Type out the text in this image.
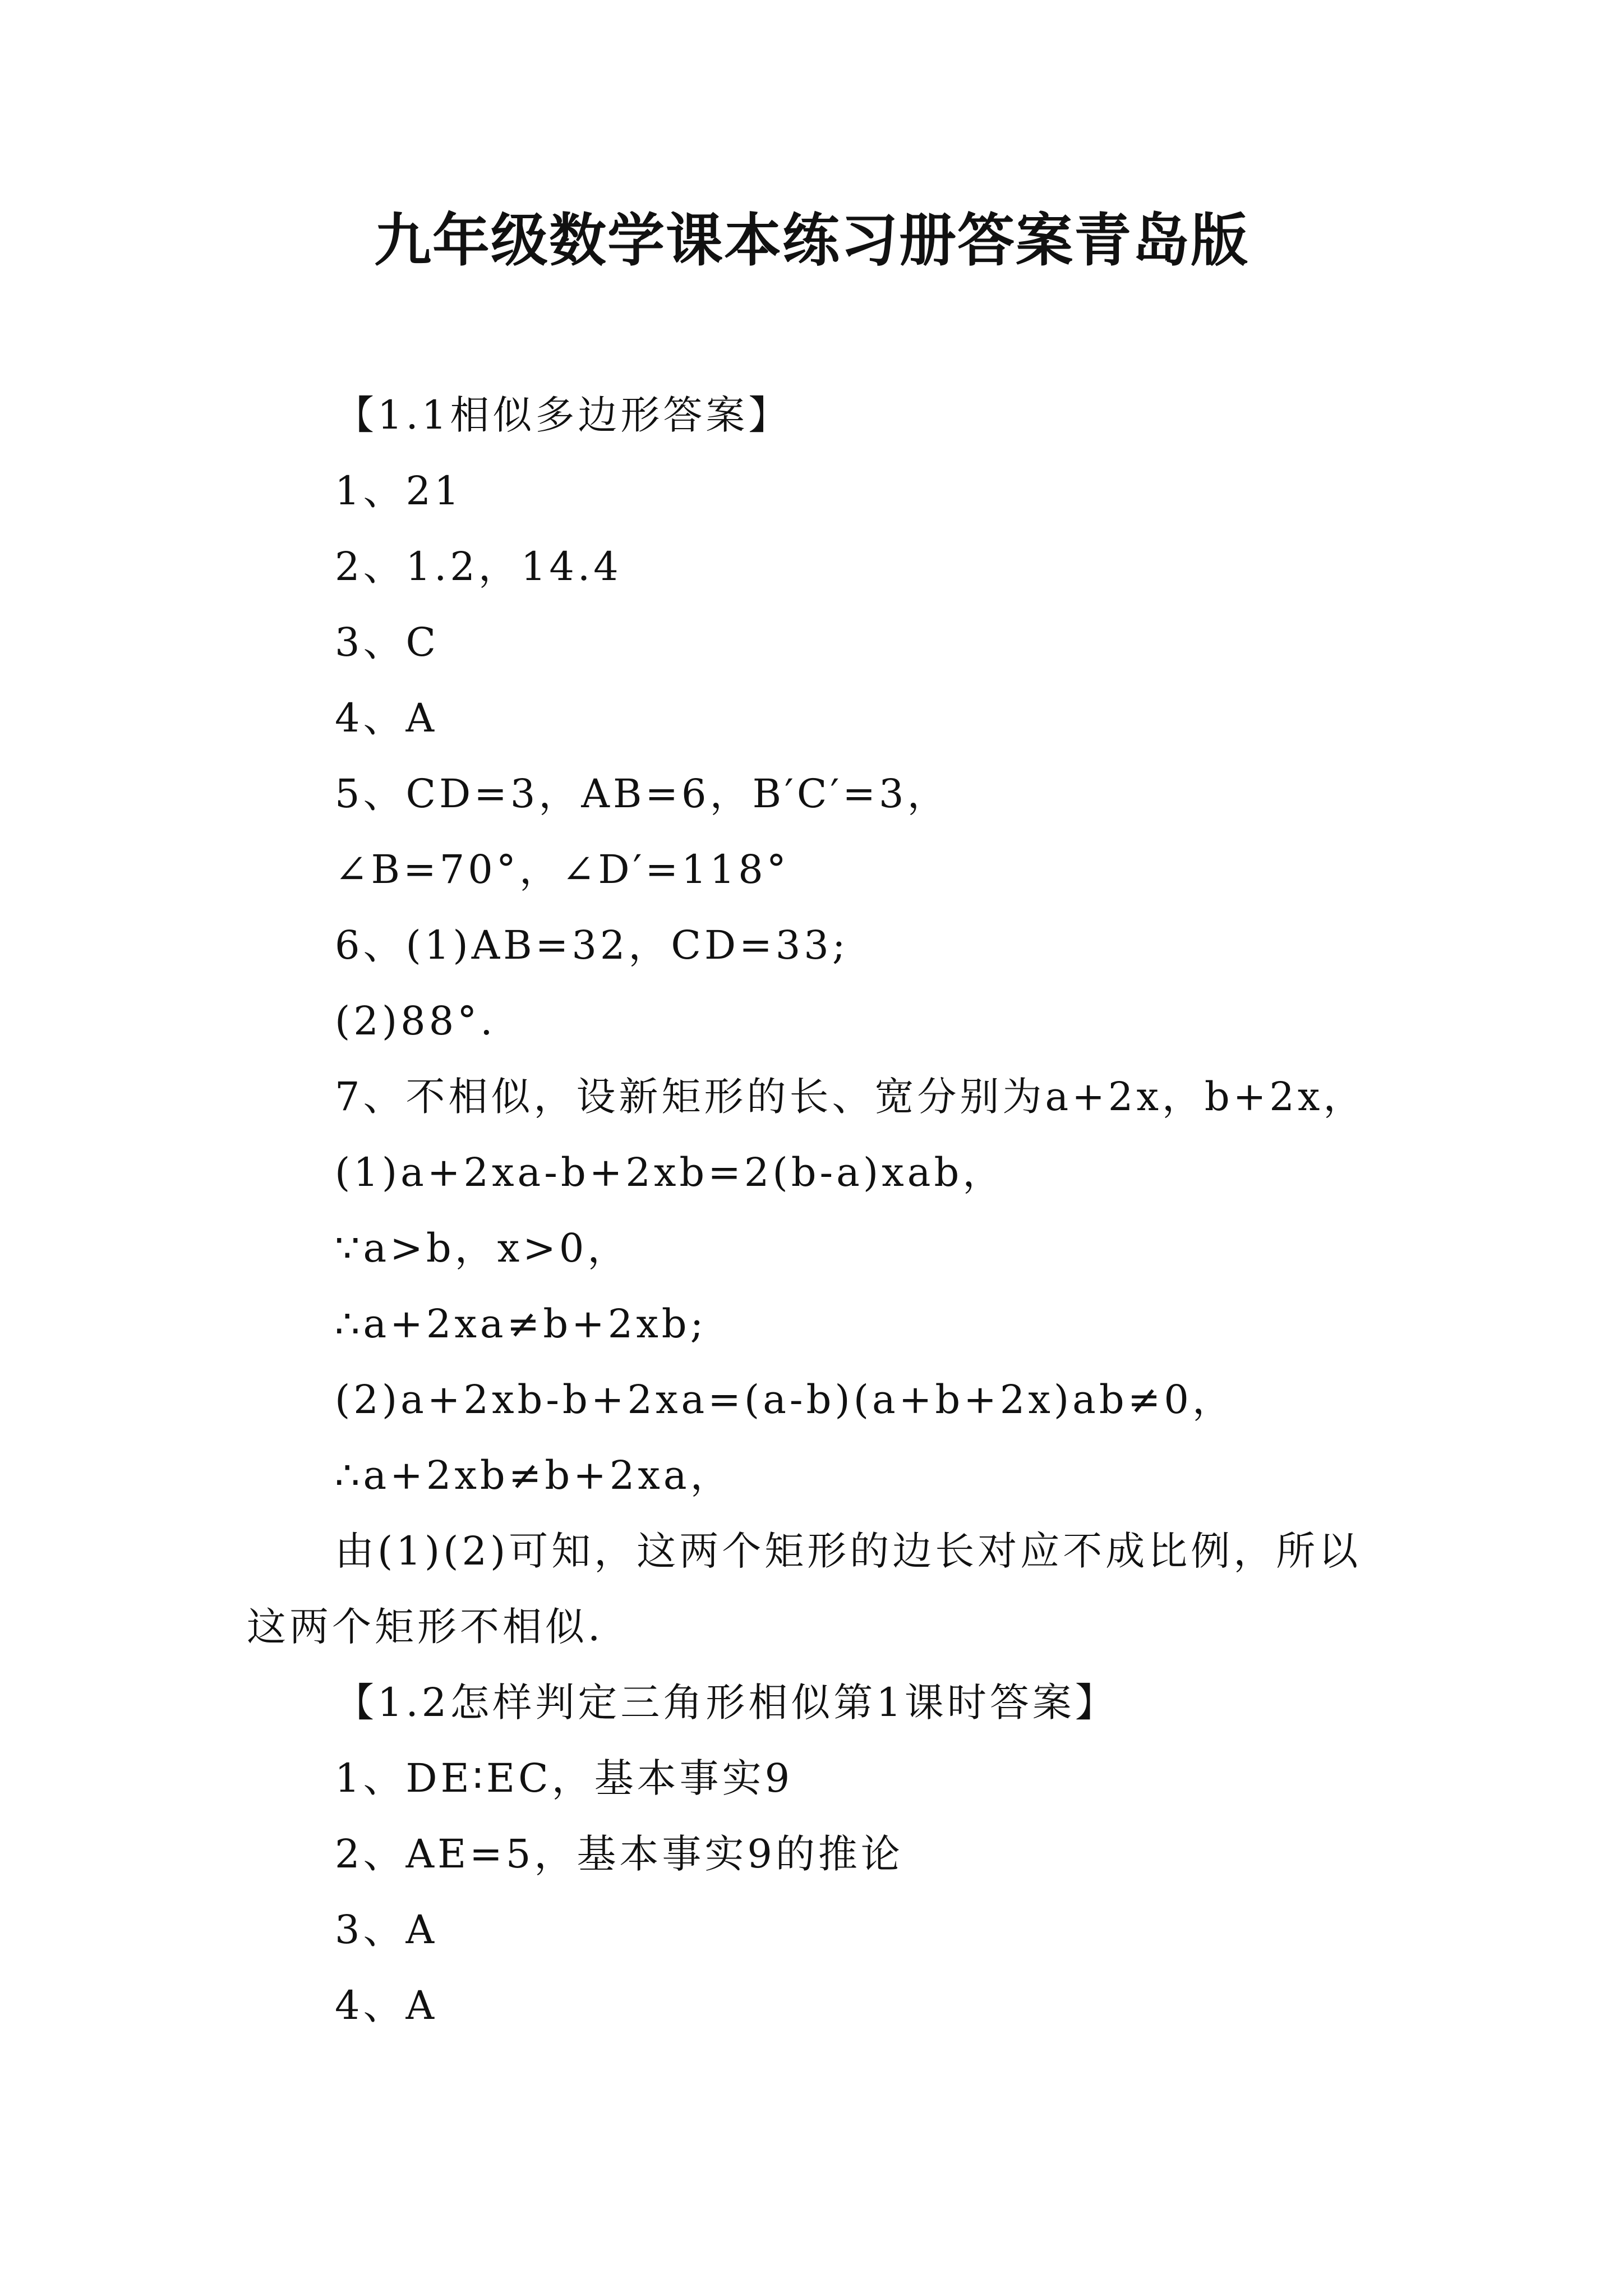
九年级数学课本练习册答案青岛版
【1.1相似多边形答案】
1、21
2、1.2，14.4
3、C
4、A
5、CD=3，AB=6，B′C′=3，
∠B=70°，∠D′=118°
6、(1)AB=32，CD=33;
(2)88°.
7、不相似，设新矩形的长、宽分别为a+2x，b+2x，
(1)a+2xa-b+2xb=2(b-a)xab，
∵a>b，x>0，
∴a+2xa≠b+2xb;
(2)a+2xb-b+2xa=(a-b)(a+b+2x)ab≠0，
∴a+2xb≠b+2xa，
由(1)(2)可知，这两个矩形的边长对应不成比例，所以
这两个矩形不相似.
【1.2怎样判定三角形相似第1课时答案】
1、DE∶EC，基本事实9
2、AE=5，基本事实9的推论
3、A
4、A
